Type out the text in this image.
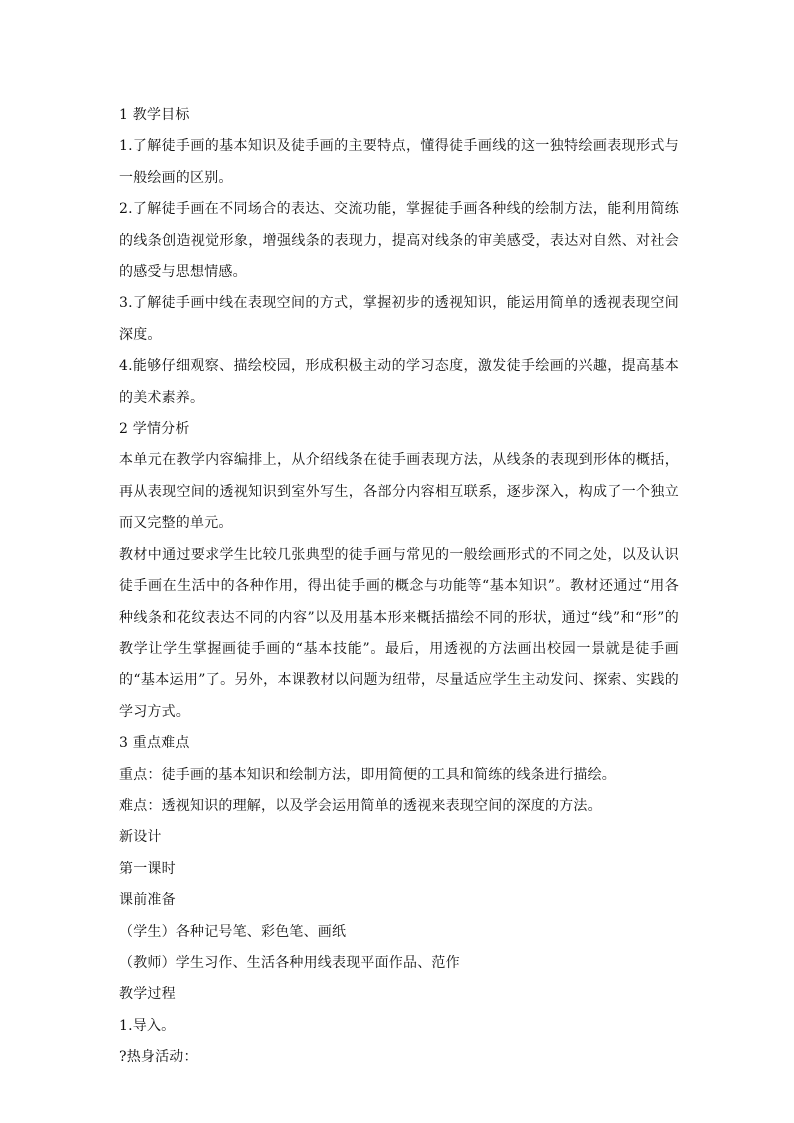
1 教学目标

1.了解徒手画的基本知识及徒手画的主要特点，懂得徒手画线的这一独特绘画表现形式与一般绘画的区别。

2.了解徒手画在不同场合的表达、交流功能，掌握徒手画各种线的绘制方法，能利用简练的线条创造视觉形象，增强线条的表现力，提高对线条的审美感受，表达对自然、对社会的感受与思想情感。

3.了解徒手画中线在表现空间的方式，掌握初步的透视知识，能运用简单的透视表现空间深度。

4.能够仔细观察、描绘校园，形成积极主动的学习态度，激发徒手绘画的兴趣，提高基本的美术素养。

2 学情分析

本单元在教学内容编排上，从介绍线条在徒手画表现方法，从线条的表现到形体的概括，再从表现空间的透视知识到室外写生，各部分内容相互联系，逐步深入，构成了一个独立而又完整的单元。

教材中通过要求学生比较几张典型的徒手画与常见的一般绘画形式的不同之处，以及认识徒手画在生活中的各种作用，得出徒手画的概念与功能等“基本知识”。教材还通过“用各种线条和花纹表达不同的内容”以及用基本形来概括描绘不同的形状，通过“线”和“形”的教学让学生掌握画徒手画的“基本技能”。最后，用透视的方法画出校园一景就是徒手画的“基本运用”了。另外，本课教材以问题为纽带，尽量适应学生主动发问、探索、实践的学习方式。

3 重点难点

重点：徒手画的基本知识和绘制方法，即用简便的工具和简练的线条进行描绘。

难点：透视知识的理解，以及学会运用简单的透视来表现空间的深度的方法。

新设计

第一课时

课前准备

（学生）各种记号笔、彩色笔、画纸

（教师）学生习作、生活各种用线表现平面作品、范作

教学过程

1.导入。

?热身活动：
